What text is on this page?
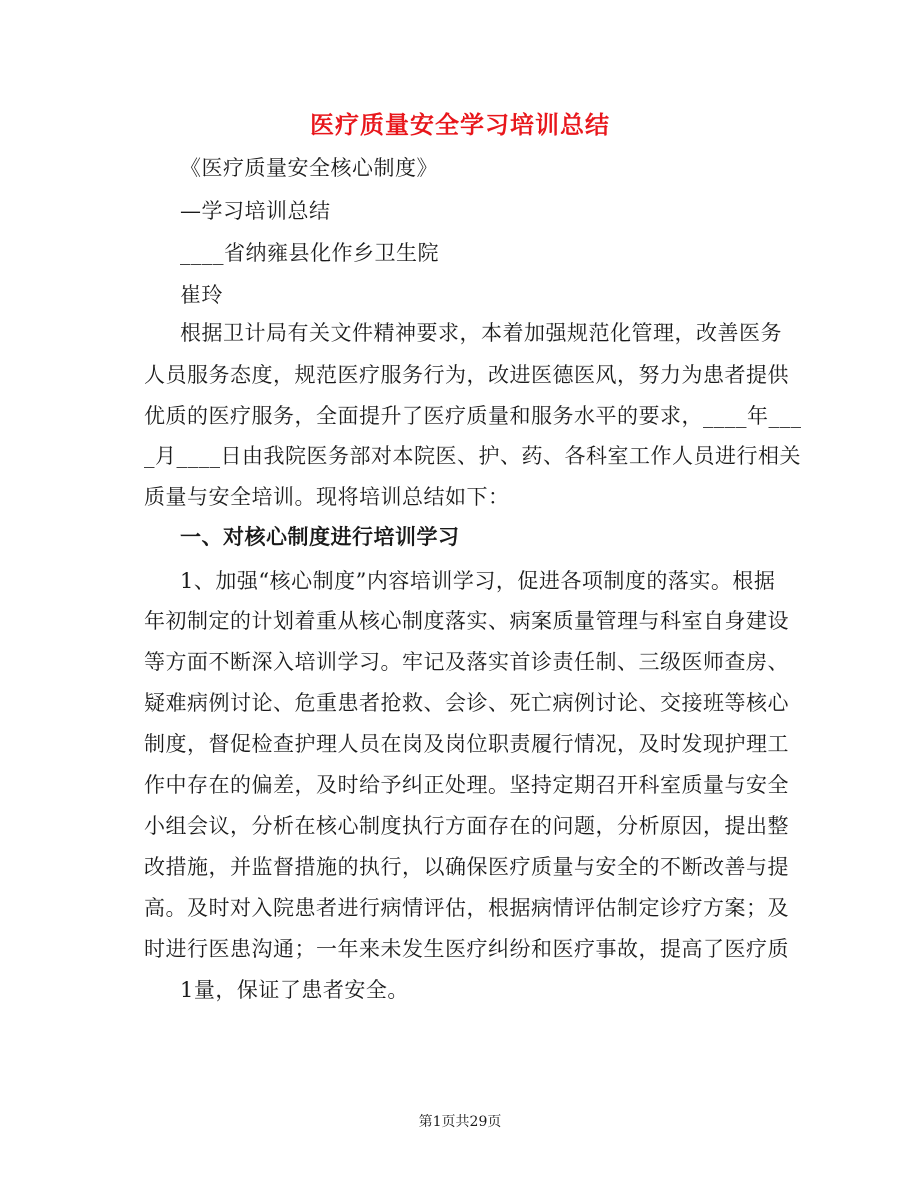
医疗质量安全学习培训总结
《医疗质量安全核心制度》
—学习培训总结
____省纳雍县化作乡卫生院
崔玲
根据卫计局有关文件精神要求，本着加强规范化管理，改善医务
人员服务态度，规范医疗服务行为，改进医德医风，努力为患者提供
优质的医疗服务，全面提升了医疗质量和服务水平的要求，____年___
_月____日由我院医务部对本院医、护、药、各科室工作人员进行相关
质量与安全培训。现将培训总结如下：
一、对核心制度进行培训学习
1、加强“核心制度”内容培训学习，促进各项制度的落实。根据
年初制定的计划着重从核心制度落实、病案质量管理与科室自身建设
等方面不断深入培训学习。牢记及落实首诊责任制、三级医师查房、
疑难病例讨论、危重患者抢救、会诊、死亡病例讨论、交接班等核心
制度，督促检查护理人员在岗及岗位职责履行情况，及时发现护理工
作中存在的偏差，及时给予纠正处理。坚持定期召开科室质量与安全
小组会议，分析在核心制度执行方面存在的问题，分析原因，提出整
改措施，并监督措施的执行，以确保医疗质量与安全的不断改善与提
高。及时对入院患者进行病情评估，根据病情评估制定诊疗方案；及
时进行医患沟通；一年来未发生医疗纠纷和医疗事故，提高了医疗质
1量，保证了患者安全。
第1页共29页
